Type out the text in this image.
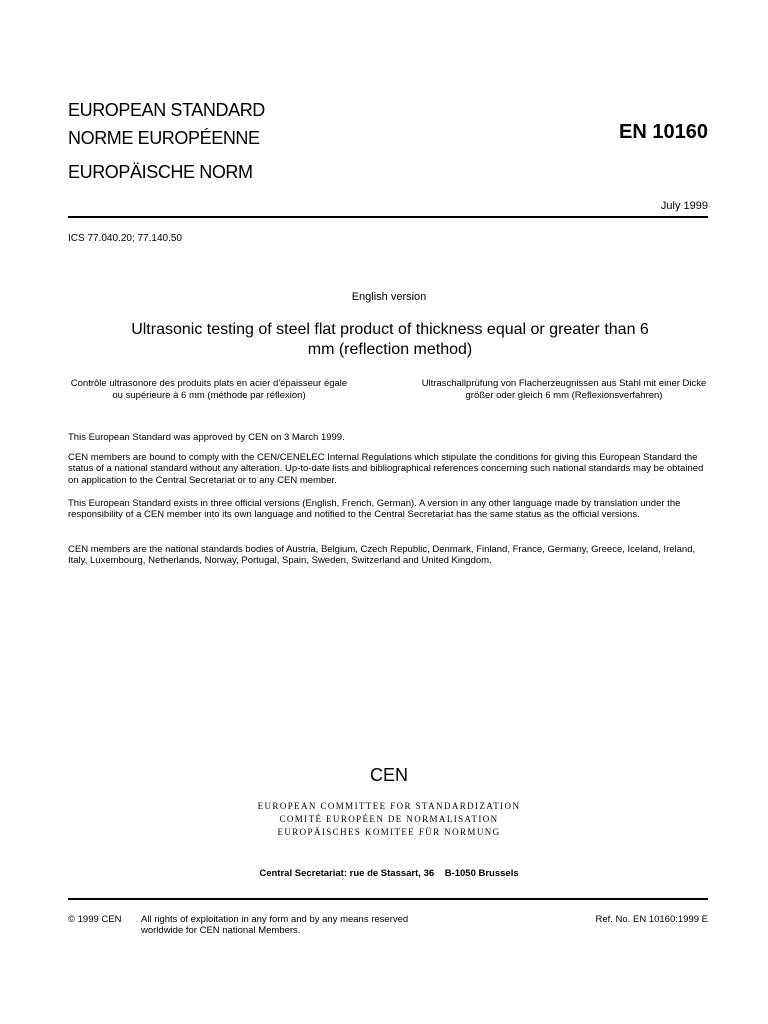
EUROPEAN STANDARD
NORME EUROPÉENNE
EUROPÄISCHE NORM
EN 10160
July 1999
ICS 77.040.20; 77.140.50
English version
Ultrasonic testing of steel flat product of thickness equal or greater than 6 mm (reflection method)
Contrôle ultrasonore des produits plats en acier d'épaisseur égale ou supérieure à 6 mm (méthode par réflexion)
Ultraschallprüfung von Flacherzeugnissen aus Stahl mit einer Dicke größer oder gleich 6 mm (Reflexionsverfahren)

This European Standard was approved by CEN on 3 March 1999.

CEN members are bound to comply with the CEN/CENELEC Internal Regulations which stipulate the conditions for giving this European Standard the status of a national standard without any alteration. Up-to-date lists and bibliographical references concerning such national standards may be obtained on application to the Central Secretariat or to any CEN member.

This European Standard exists in three official versions (English, French, German). A version in any other language made by translation under the responsibility of a CEN member into its own language and notified to the Central Secretariat has the same status as the official versions.

CEN members are the national standards bodies of Austria, Belgium, Czech Republic, Denmark, Finland, France, Germany, Greece, Iceland, Ireland, Italy, Luxembourg, Netherlands, Norway, Portugal, Spain, Sweden, Switzerland and United Kingdom.

CEN
EUROPEAN COMMITTEE FOR STANDARDIZATION
COMITÉ EUROPÉEN DE NORMALISATION
EUROPÄISCHES KOMITEE FÜR NORMUNG
Central Secretariat: rue de Stassart, 36    B-1050 Brussels
© 1999 CEN All rights of exploitation in any form and by any means reserved worldwide for CEN national Members.
Ref. No. EN 10160:1999 E
